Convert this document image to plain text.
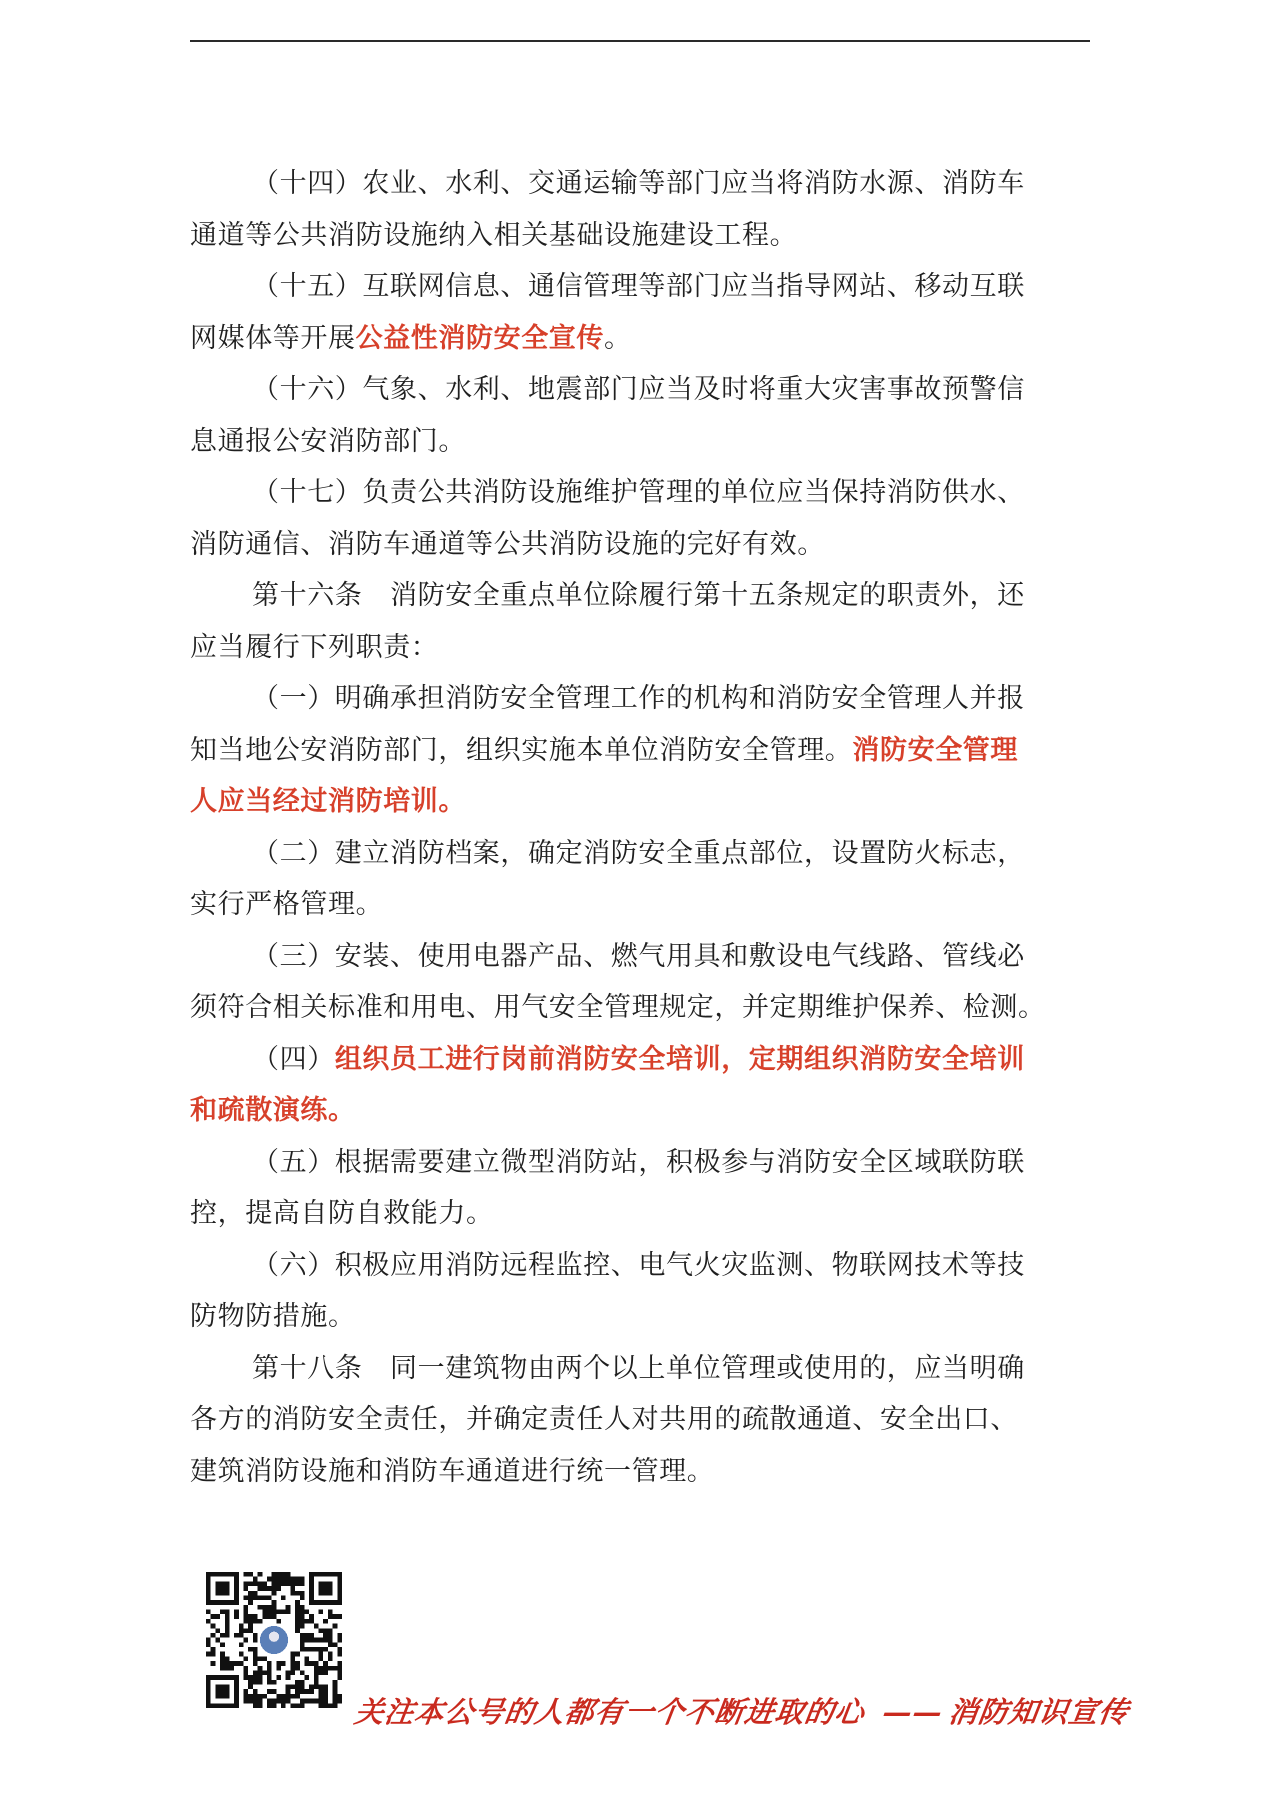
（十四）农业、水利、交通运输等部门应当将消防水源、消防车
通道等公共消防设施纳入相关基础设施建设工程。

（十五）互联网信息、通信管理等部门应当指导网站、移动互联
网媒体等开展公益性消防安全宣传。

（十六）气象、水利、地震部门应当及时将重大灾害事故预警信
息通报公安消防部门。

（十七）负责公共消防设施维护管理的单位应当保持消防供水、
消防通信、消防车通道等公共消防设施的完好有效。

第十六条　消防安全重点单位除履行第十五条规定的职责外，还
应当履行下列职责：

（一）明确承担消防安全管理工作的机构和消防安全管理人并报
知当地公安消防部门，组织实施本单位消防安全管理。消防安全管理
人应当经过消防培训。

（二）建立消防档案，确定消防安全重点部位，设置防火标志，
实行严格管理。

（三）安装、使用电器产品、燃气用具和敷设电气线路、管线必
须符合相关标准和用电、用气安全管理规定，并定期维护保养、检测。

（四）组织员工进行岗前消防安全培训，定期组织消防安全培训
和疏散演练。

（五）根据需要建立微型消防站，积极参与消防安全区域联防联
控，提高自防自救能力。

（六）积极应用消防远程监控、电气火灾监测、物联网技术等技
防物防措施。

第十八条　同一建筑物由两个以上单位管理或使用的，应当明确
各方的消防安全责任，并确定责任人对共用的疏散通道、安全出口、
建筑消防设施和消防车通道进行统一管理。

关注本公号的人都有一个不断进取的心 ——消防知识宣传
